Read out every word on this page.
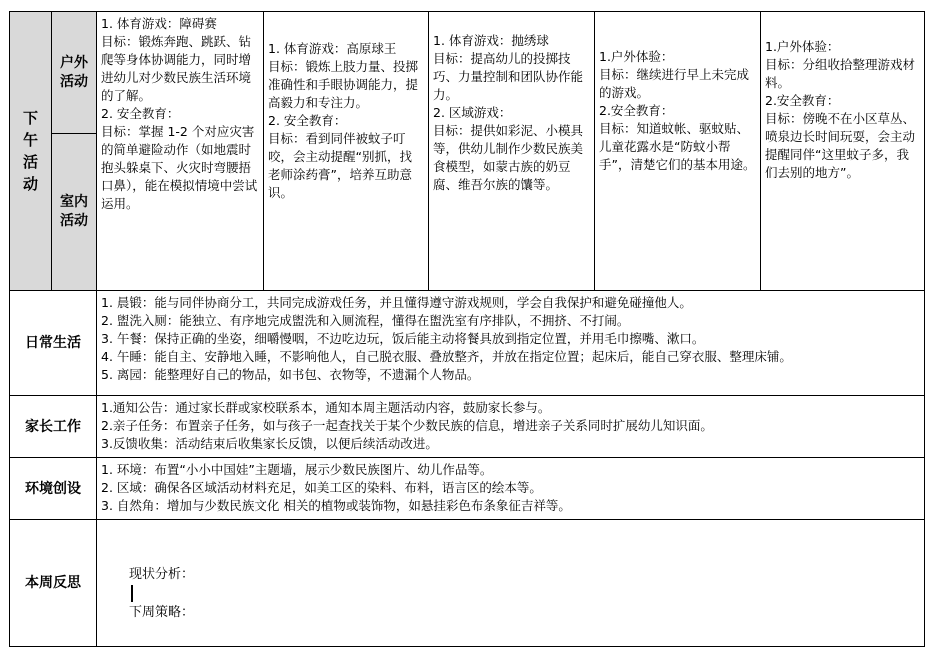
下午活动	户外活动	1. 体育游戏：障碍赛
目标：锻炼奔跑、跳跃、钻爬等身体协调能力，同时增进幼儿对少数民族生活环境的了解。
2. 安全教育：
目标：掌握 1-2 个对应灾害的简单避险动作（如地震时抱头躲桌下、火灾时弯腰捂口鼻），能在模拟情境中尝试运用。	1. 体育游戏：高原球王
目标：锻炼上肢力量、投掷准确性和手眼协调能力，提高毅力和专注力。
2. 安全教育：
目标：看到同伴被蚊子叮咬，会主动提醒“别抓，找老师涂药膏”，培养互助意识。	1. 体育游戏：抛绣球
目标：提高幼儿的投掷技巧、力量控制和团队协作能力。
2. 区域游戏：
目标：提供如彩泥、小模具等，供幼儿制作少数民族美食模型，如蒙古族的奶豆腐、维吾尔族的馕等。	1.户外体验：
目标：继续进行早上未完成的游戏。
2.安全教育：
目标：知道蚊帐、驱蚊贴、儿童花露水是“防蚊小帮手”，清楚它们的基本用途。	1.户外体验：
目标：分组收拾整理游戏材料。
2.安全教育：
目标：傍晚不在小区草丛、喷泉边长时间玩耍，会主动提醒同伴“这里蚊子多，我们去别的地方”。

	室内活动					

日常生活		1. 晨锻：能与同伴协商分工，共同完成游戏任务，并且懂得遵守游戏规则，学会自我保护和避免碰撞他人。
2. 盥洗入厕：能独立、有序地完成盥洗和入厕流程，懂得在盥洗室有序排队，不拥挤、不打闹。
3. 午餐：保持正确的坐姿，细嚼慢咽，不边吃边玩，饭后能主动将餐具放到指定位置，并用毛巾擦嘴、漱口。
4. 午睡：能自主、安静地入睡，不影响他人，自己脱衣服、叠放整齐，并放在指定位置；起床后，能自己穿衣服、整理床铺。
5. 离园：能整理好自己的物品，如书包、衣物等，不遗漏个人物品。				

家长工作		1.通知公告：通过家长群或家校联系本，通知本周主题活动内容，鼓励家长参与。
2.亲子任务：布置亲子任务，如与孩子一起查找关于某个少数民族的信息，增进亲子关系同时扩展幼儿知识面。
3.反馈收集：活动结束后收集家长反馈，以便后续活动改进。				

环境创设		1. 环境：布置“小小中国娃”主题墙，展示少数民族图片、幼儿作品等。
2. 区域：确保各区域活动材料充足，如美工区的染料、布料，语言区的绘本等。
3. 自然角：增加与少数民族文化 相关的植物或装饰物，如悬挂彩色布条象征吉祥等。				

本周反思		现状分析：
下周策略：				
